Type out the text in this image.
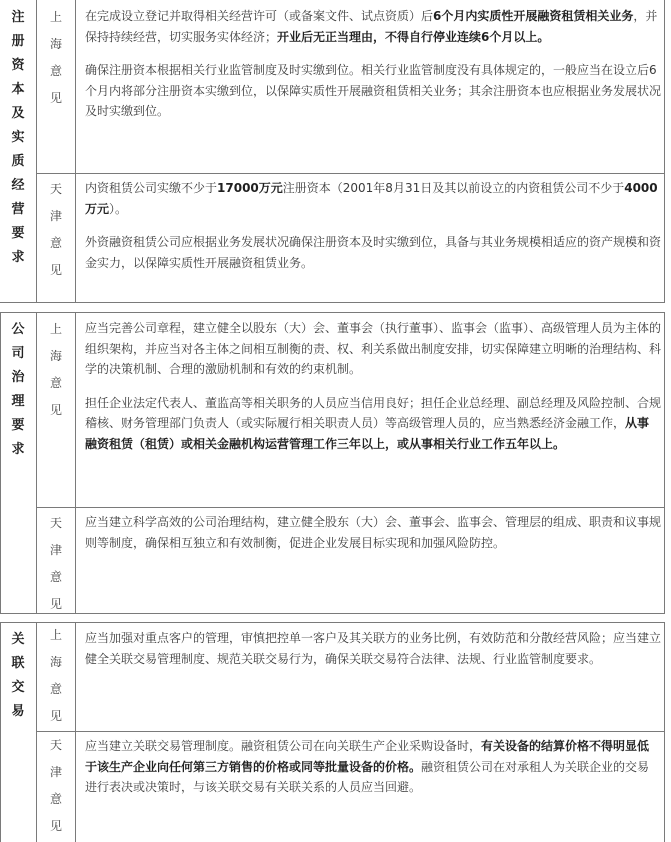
注
册
资
本
及
实
质
经
营
要
求
上
海
意
见

在完成设立登记并取得相关经营许可（或备案文件、试点资质）后6个月内实质性开展融资租赁相关业务，并保持持续经营，切实服务实体经济；开业后无正当理由，不得自行停业连续6个月以上。

确保注册资本根据相关行业监管制度及时实缴到位。相关行业监管制度没有具体规定的，一般应当在设立后6个月内将部分注册资本实缴到位，以保障实质性开展融资租赁相关业务；其余注册资本也应根据业务发展状况及时实缴到位。

天
津
意
见

内资租赁公司实缴不少于17000万元注册资本（2001年8月31日及其以前设立的内资租赁公司不少于4000万元）。

外资融资租赁公司应根据业务发展状况确保注册资本及时实缴到位，具备与其业务规模相适应的资产规模和资金实力，以保障实质性开展融资租赁业务。

公
司
治
理
要
求
上
海
意
见

应当完善公司章程，建立健全以股东（大）会、董事会（执行董事）、监事会（监事）、高级管理人员为主体的组织架构，并应当对各主体之间相互制衡的责、权、利关系做出制度安排，切实保障建立明晰的治理结构、科学的决策机制、合理的激励机制和有效的约束机制。

担任企业法定代表人、董监高等相关职务的人员应当信用良好；担任企业总经理、副总经理及风险控制、合规稽核、财务管理部门负责人（或实际履行相关职责人员）等高级管理人员的，应当熟悉经济金融工作，从事融资租赁（租赁）或相关金融机构运营管理工作三年以上，或从事相关行业工作五年以上。

天
津
意
见

应当建立科学高效的公司治理结构，建立健全股东（大）会、董事会、监事会、管理层的组成、职责和议事规则等制度，确保相互独立和有效制衡，促进企业发展目标实现和加强风险防控。

关
联
交
易
上
海
意
见

应当加强对重点客户的管理，审慎把控单一客户及其关联方的业务比例，有效防范和分散经营风险；应当建立健全关联交易管理制度、规范关联交易行为，确保关联交易符合法律、法规、行业监管制度要求。

天
津
意
见

应当建立关联交易管理制度。融资租赁公司在向关联生产企业采购设备时，有关设备的结算价格不得明显低于该生产企业向任何第三方销售的价格或同等批量设备的价格。融资租赁公司在对承租人为关联企业的交易进行表决或决策时，与该关联交易有关联关系的人员应当回避。
